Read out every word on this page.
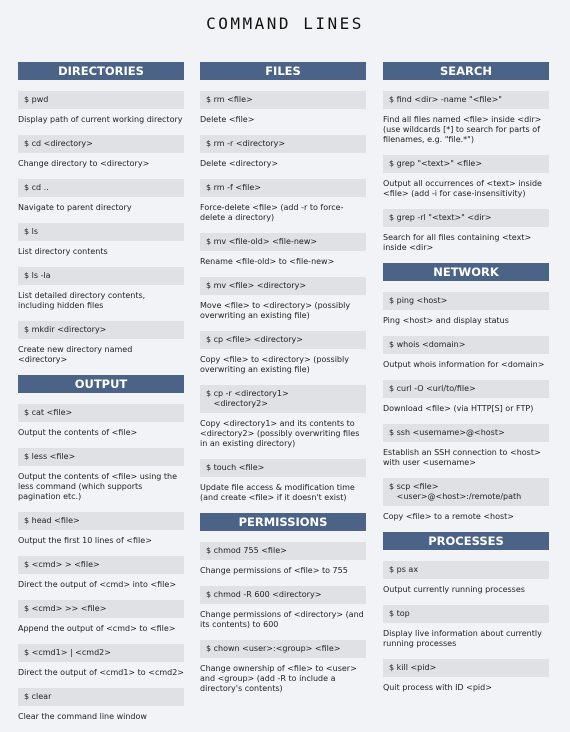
COMMAND LINES
DIRECTORIES
$ pwd
Display path of current working directory
$ cd <directory>
Change directory to <directory>
$ cd ..
Navigate to parent directory
$ ls
List directory contents
$ ls -la
List detailed directory contents, including hidden files
$ mkdir <directory>
Create new directory named <directory>
OUTPUT
$ cat <file>
Output the contents of <file>
$ less <file>
Output the contents of <file> using the less command (which supports pagination etc.)
$ head <file>
Output the first 10 lines of <file>
$ <cmd> > <file>
Direct the output of <cmd> into <file>
$ <cmd> >> <file>
Append the output of <cmd> to <file>
$ <cmd1> | <cmd2>
Direct the output of <cmd1> to <cmd2>
$ clear
Clear the command line window
FILES
$ rm <file>
Delete <file>
$ rm -r <directory>
Delete <directory>
$ rm -f <file>
Force-delete <file> (add -r to force-delete a directory)
$ mv <file-old> <file-new>
Rename <file-old> to <file-new>
$ mv <file> <directory>
Move <file> to <directory> (possibly overwriting an existing file)
$ cp <file> <directory>
Copy <file> to <directory> (possibly overwriting an existing file)
$ cp -r <directory1>
<directory2>
Copy <directory1> and its contents to <directory2> (possibly overwriting files in an existing directory)
$ touch <file>
Update file access & modification time (and create <file> if it doesn't exist)
PERMISSIONS
$ chmod 755 <file>
Change permissions of <file> to 755
$ chmod -R 600 <directory>
Change permissions of <directory> (and its contents) to 600
$ chown <user>:<group> <file>
Change ownership of <file> to <user> and <group> (add -R to include a directory's contents)
SEARCH
$ find <dir> -name "<file>"
Find all files named <file> inside <dir> (use wildcards [*] to search for parts of filenames, e.g. "file.*")
$ grep "<text>" <file>
Output all occurrences of <text> inside <file> (add -i for case-insensitivity)
$ grep -rl "<text>" <dir>
Search for all files containing <text> inside <dir>
NETWORK
$ ping <host>
Ping <host> and display status
$ whois <domain>
Output whois information for <domain>
$ curl -O <url/to/file>
Download <file> (via HTTP[S] or FTP)
$ ssh <username>@<host>
Establish an SSH connection to <host> with user <username>
$ scp <file>
<user>@<host>:/remote/path
Copy <file> to a remote <host>
PROCESSES
$ ps ax
Output currently running processes
$ top
Display live information about currently running processes
$ kill <pid>
Quit process with ID <pid>
